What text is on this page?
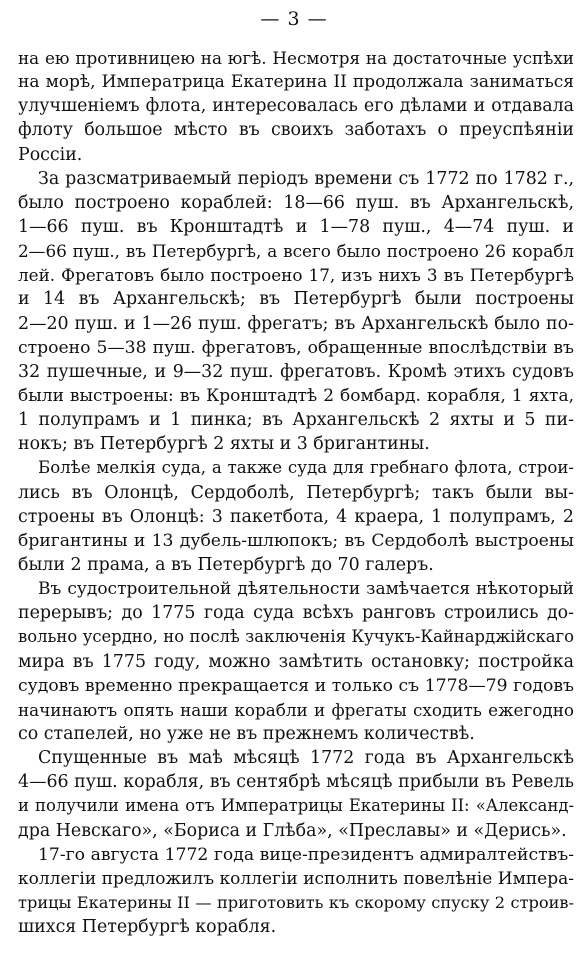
— 3 —
на ею противницею на югѣ. Несмотря на достаточные успѣхи
на морѣ, Императрица Екатерина II продолжала заниматься
улучшеніемъ флота, интересовалась его дѣлами и отдавала
флоту большое мѣсто въ своихъ заботахъ о преуспѣяніи
Россіи.
За разсматриваемый періодъ времени съ 1772 по 1782 г.,
было построено кораблей: 18—66 пуш. въ Архангельскѣ,
1—66 пуш. въ Кронштадтѣ и 1—78 пуш., 4—74 пуш. и
2—66 пуш., въ Петербургѣ, а всего было построено 26 корабл
лей. Фрегатовъ было построено 17, изъ нихъ 3 въ Петербургѣ
и 14 въ Архангельскѣ; въ Петербургѣ были построены
2—20 пуш. и 1—26 пуш. фрегатъ; въ Архангельскѣ было по-
строено 5—38 пуш. фрегатовъ, обращенные впослѣдствіи въ
32 пушечные, и 9—32 пуш. фрегатовъ. Кромѣ этихъ судовъ
были выстроены: въ Кронштадтѣ 2 бомбард. корабля, 1 яхта,
1 полупрамъ и 1 пинка; въ Архангельскѣ 2 яхты и 5 пи-
нокъ; въ Петербургѣ 2 яхты и 3 бригантины.
Болѣе мелкія суда, а также суда для гребнаго флота, строи-
лись въ Олонцѣ, Сердоболѣ, Петербургѣ; такъ были вы-
строены въ Олонцѣ: 3 пакетбота, 4 краера, 1 полупрамъ, 2
бригантины и 13 дубель-шлюпокъ; въ Сердоболѣ выстроены
были 2 прама, а въ Петербургѣ до 70 галеръ.
Въ судостроительной дѣятельности замѣчается нѣкоторый
перерывъ; до 1775 года суда всѣхъ ранговъ строились до-
вольно усердно, но послѣ заключенія Кучукъ-Кайнарджійскаго
мира въ 1775 году, можно замѣтить остановку; постройка
судовъ временно прекращается и только съ 1778—79 годовъ
начинаютъ опять наши корабли и фрегаты сходить ежегодно
со стапелей, но уже не въ прежнемъ количествѣ.
Спущенные въ маѣ мѣсяцѣ 1772 года въ Архангельскѣ
4—66 пуш. корабля, въ сентябрѣ мѣсяцѣ прибыли въ Ревель
и получили имена отъ Императрицы Екатерины II: «Александ-
дра Невскаго», «Бориса и Глѣба», «Преславы» и «Дерись».
17-го августа 1772 года вице-президентъ адмиралтействъ-
коллегіи предложилъ коллегіи исполнить повелѣніе Импера-
трицы Екатерины II — приготовить къ скорому спуску 2 строив-
шихся Петербургѣ корабля.
